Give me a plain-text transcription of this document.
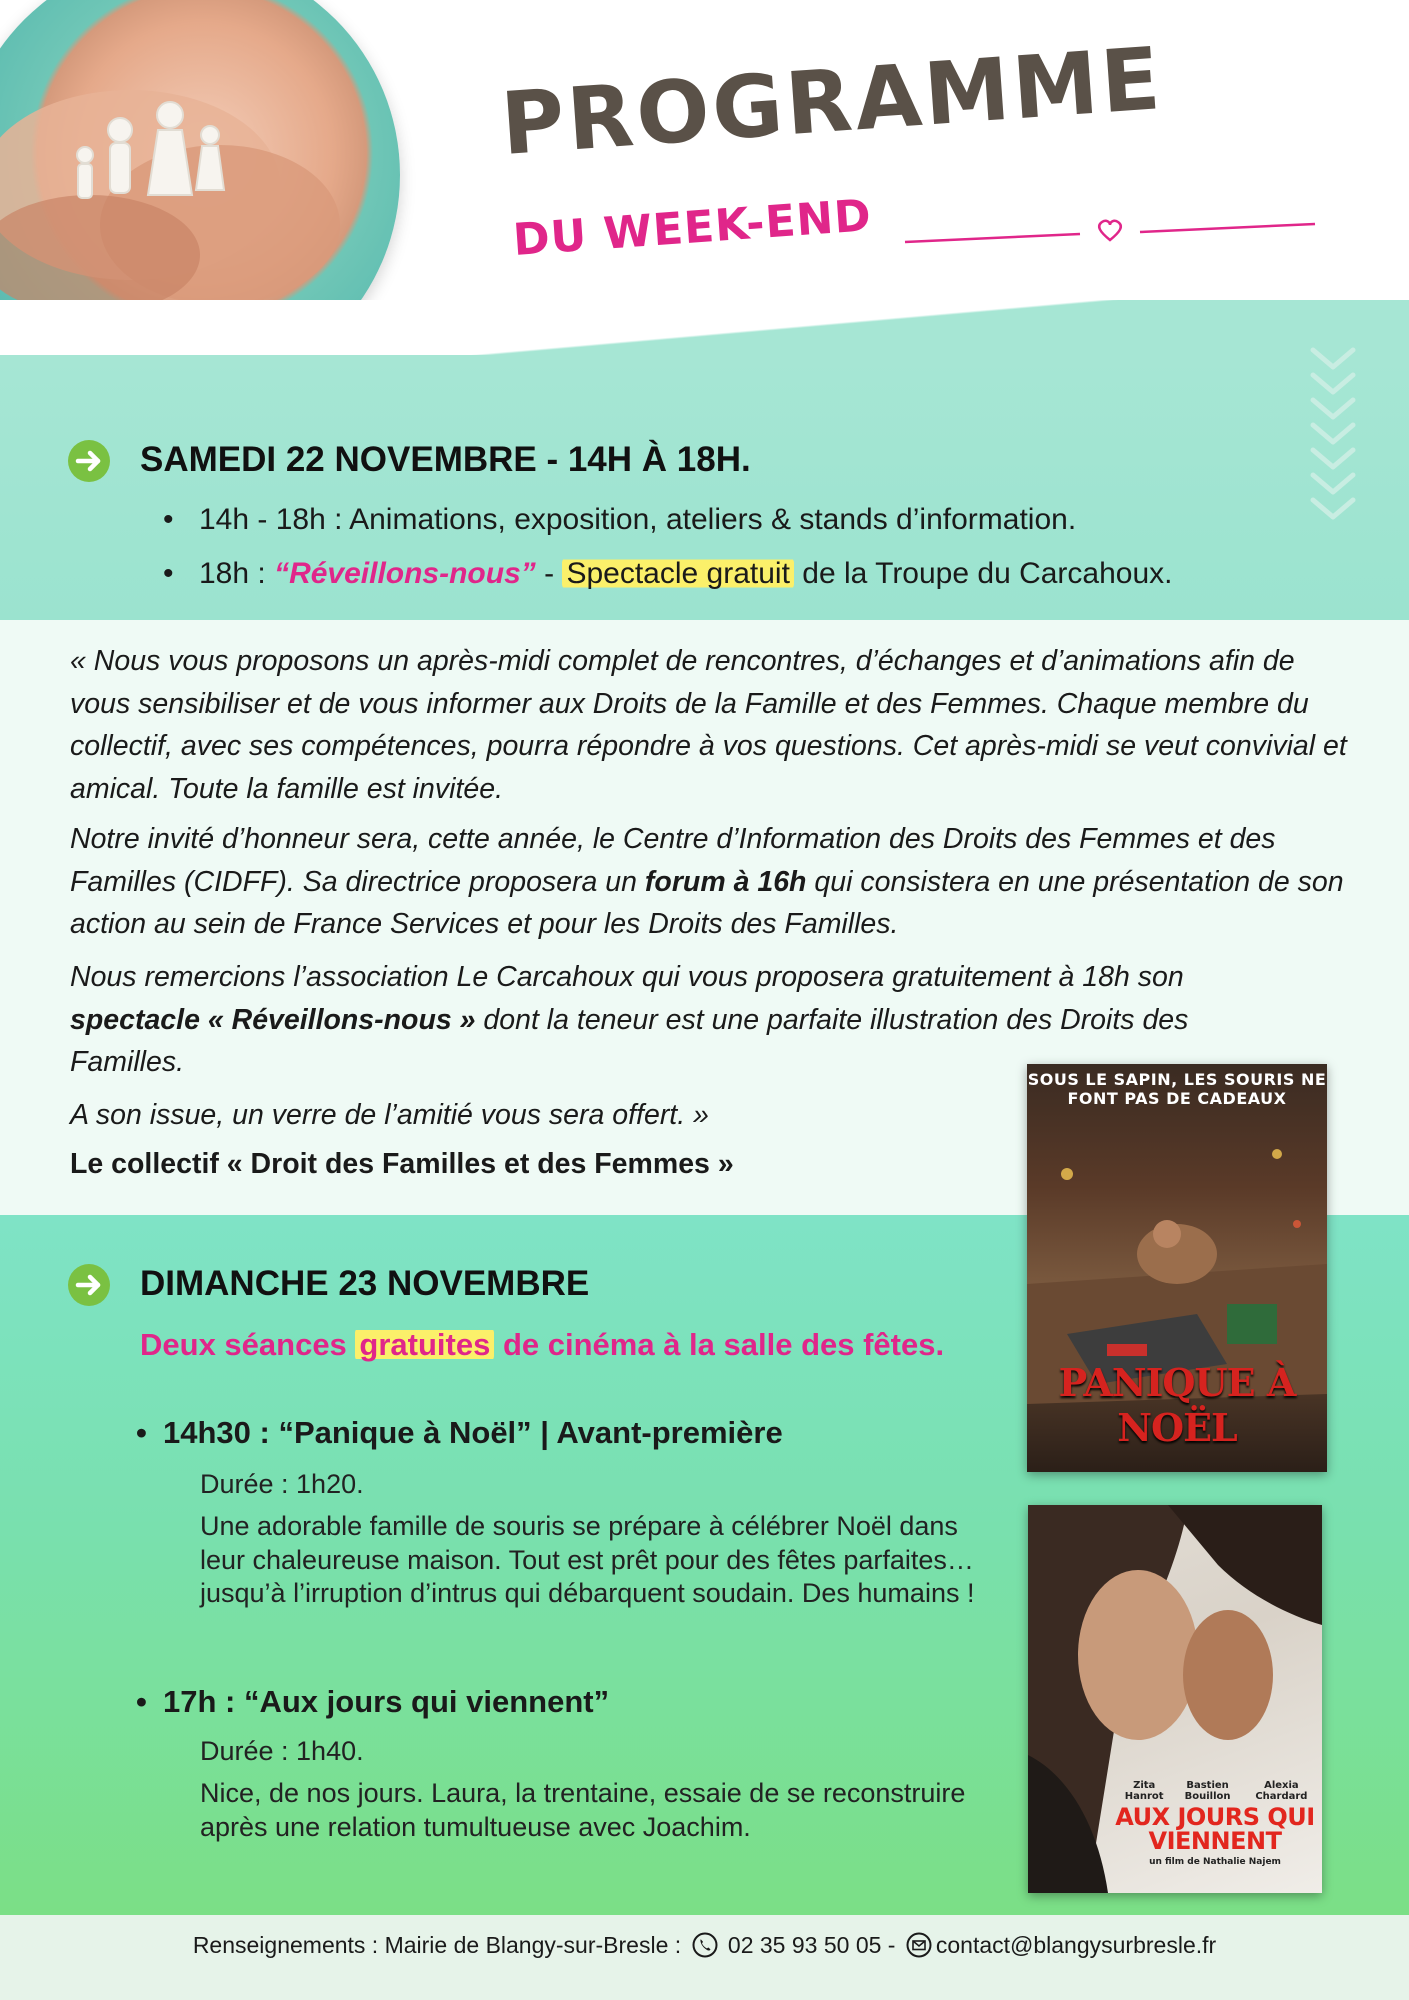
PROGRAMME
DU WEEK-END
SAMEDI 22 NOVEMBRE - 14H À 18H.
• 14h - 18h : Animations, exposition, ateliers & stands d’information.
• 18h : “Réveillons-nous” - Spectacle gratuit de la Troupe du Carcahoux.
« Nous vous proposons un après-midi complet de rencontres, d’échanges et d’animations afin de vous sensibiliser et de vous informer aux Droits de la Famille et des Femmes. Chaque membre du collectif, avec ses compétences, pourra répondre à vos questions. Cet après-midi se veut convivial et amical. Toute la famille est invitée.
Notre invité d’honneur sera, cette année, le Centre d’Information des Droits des Femmes et des Familles (CIDFF). Sa directrice proposera un forum à 16h qui consistera en une présentation de son action au sein de France Services et pour les Droits des Familles.
Nous remercions l’association Le Carcahoux qui vous proposera gratuitement à 18h son spectacle « Réveillons-nous » dont la teneur est une parfaite illustration des Droits des Familles.
A son issue, un verre de l’amitié vous sera offert. »
Le collectif « Droit des Familles et des Femmes »
DIMANCHE 23 NOVEMBRE
Deux séances gratuites de cinéma à la salle des fêtes.
• 14h30 : “Panique à Noël” | Avant-première
Durée : 1h20.
Une adorable famille de souris se prépare à célébrer Noël dans leur chaleureuse maison. Tout est prêt pour des fêtes parfaites… jusqu’à l’irruption d’intrus qui débarquent soudain. Des humains !
• 17h : “Aux jours qui viennent”
Durée : 1h40.
Nice, de nos jours. Laura, la trentaine, essaie de se reconstruire après une relation tumultueuse avec Joachim.
SOUS LE SAPIN, LES SOURIS NE FONT PAS DE CADEAUX
PANIQUE À NOËL
Zita Hanrot
Bastien Bouillon
Alexia Chardard
AUX JOURS QUI VIENNENT
un film de Nathalie Najem
Renseignements : Mairie de Blangy-sur-Bresle : 02 35 93 50 05 - contact@blangysurbresle.fr
